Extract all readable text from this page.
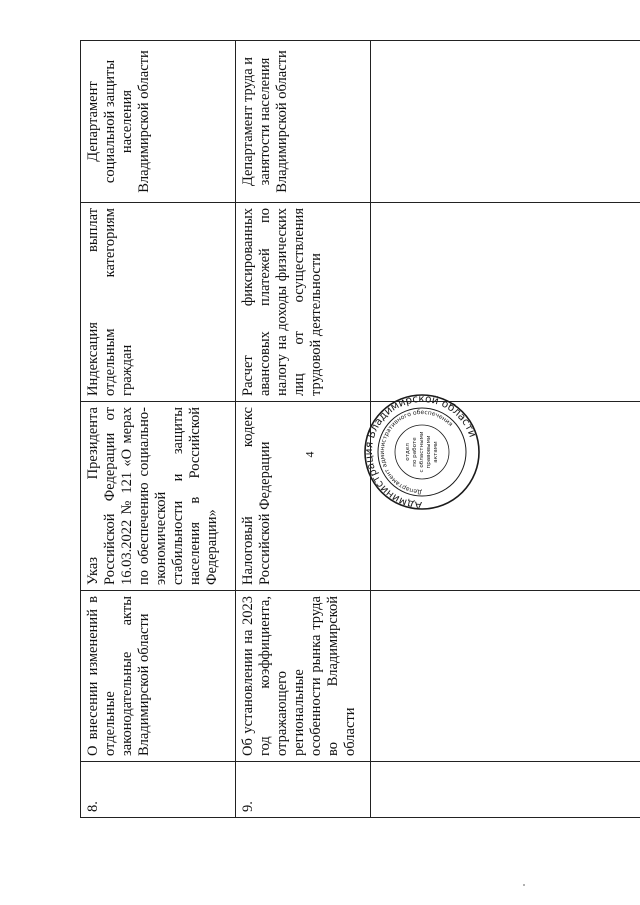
4
8.	О внесении изменений в отдельные законодательные акты Владимирской области	Указ Президента Российской Федерации от 16.03.2022 № 121 «О мерах по обеспечению социально-экономической стабильности и защиты населения в Российской Федерации»	Индексация выплат отдельным категориям граждан	Департамент социальной защиты населения Владимирской области
9.	Об установлении на 2023 год коэффициента, отражающего региональные особенности рынка труда во Владимирской области	Налоговый кодекс Российской Федерации	Расчет фиксированных авансовых платежей по налогу на доходы физических лиц от осуществления трудовой деятельности	Департамент труда и занятости населения Владимирской области

Администрация Владимирской области
Департамент административного обеспечения
отдел по работе с областными правовыми актами
